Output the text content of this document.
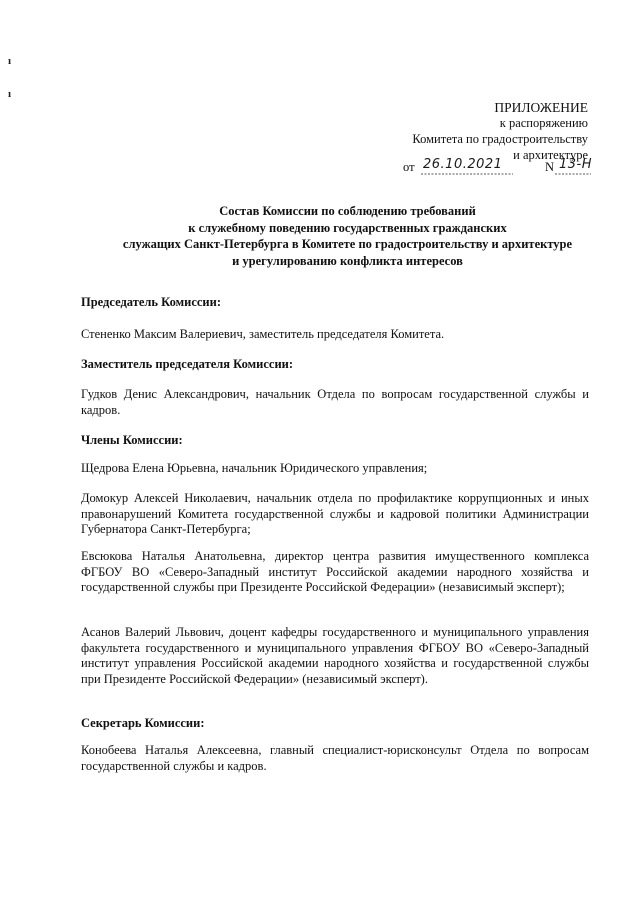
ı
ı
ПРИЛОЖЕНИЕ
к распоряжению
Комитета по градостроительству
и архитектуре
от 26.10.2021	N 13-Н
Состав Комиссии по соблюдению требований
к служебному поведению государственных гражданских
служащих Санкт-Петербурга в Комитете по градостроительству и архитектуре
и урегулированию конфликта интересов
Председатель Комиссии:
Стененко Максим Валериевич, заместитель председателя Комитета.
Заместитель председателя Комиссии:
Гудков Денис Александрович, начальник Отдела по вопросам государственной службы и кадров.
Члены Комиссии:
Щедрова Елена Юрьевна, начальник Юридического управления;
Домокур Алексей Николаевич, начальник отдела по профилактике коррупционных и иных правонарушений Комитета государственной службы и кадровой политики Администрации Губернатора Санкт-Петербурга;
Евсюкова Наталья Анатольевна, директор центра развития имущественного комплекса ФГБОУ ВО «Северо-Западный институт Российской академии народного хозяйства и государственной службы при Президенте Российской Федерации» (независимый эксперт);
Асанов Валерий Львович, доцент кафедры государственного и муниципального управления факультета государственного и муниципального управления ФГБОУ ВО «Северо-Западный институт управления Российской академии народного хозяйства и государственной службы при Президенте Российской Федерации» (независимый эксперт).
Секретарь Комиссии:
Конобеева Наталья Алексеевна, главный специалист-юрисконсульт Отдела по вопросам государственной службы и кадров.
